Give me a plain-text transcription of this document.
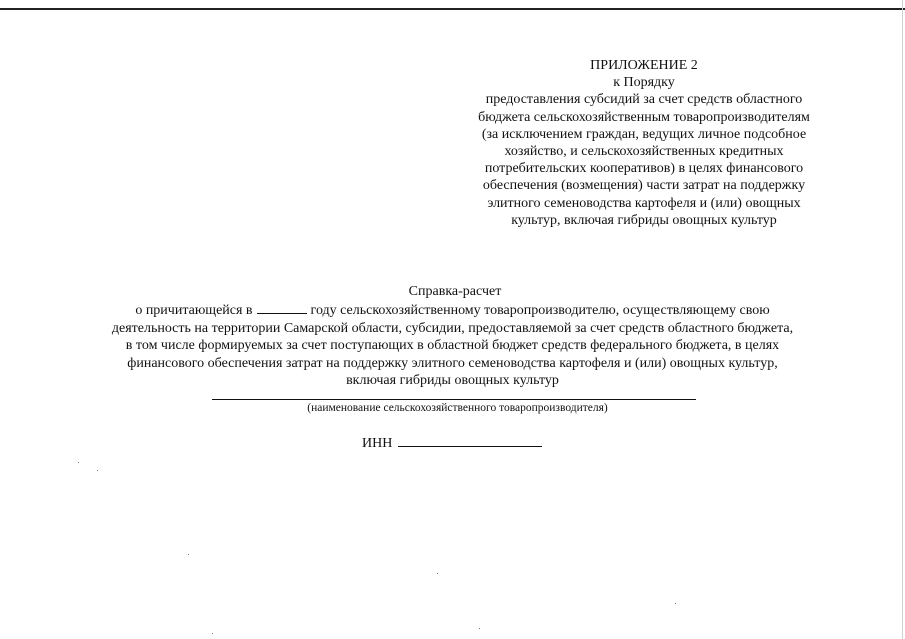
ПРИЛОЖЕНИЕ 2
к Порядку
предоставления субсидий за счет средств областного
бюджета сельскохозяйственным товаропроизводителям
(за исключением граждан, ведущих личное подсобное
хозяйство, и сельскохозяйственных кредитных
потребительских кооперативов) в целях финансового
обеспечения (возмещения) части затрат на поддержку
элитного семеноводства картофеля и (или) овощных
культур, включая гибриды овощных культур
Справка-расчет
о причитающейся в	году сельскохозяйственному товаропроизводителю, осуществляющему свою
деятельность на территории Самарской области, субсидии, предоставляемой за счет средств областного бюджета,
в том числе формируемых за счет поступающих в областной бюджет средств федерального бюджета, в целях
финансового обеспечения затрат на поддержку элитного семеноводства картофеля и (или) овощных культур,
включая гибриды овощных культур
(наименование сельскохозяйственного товаропроизводителя)
ИНН
